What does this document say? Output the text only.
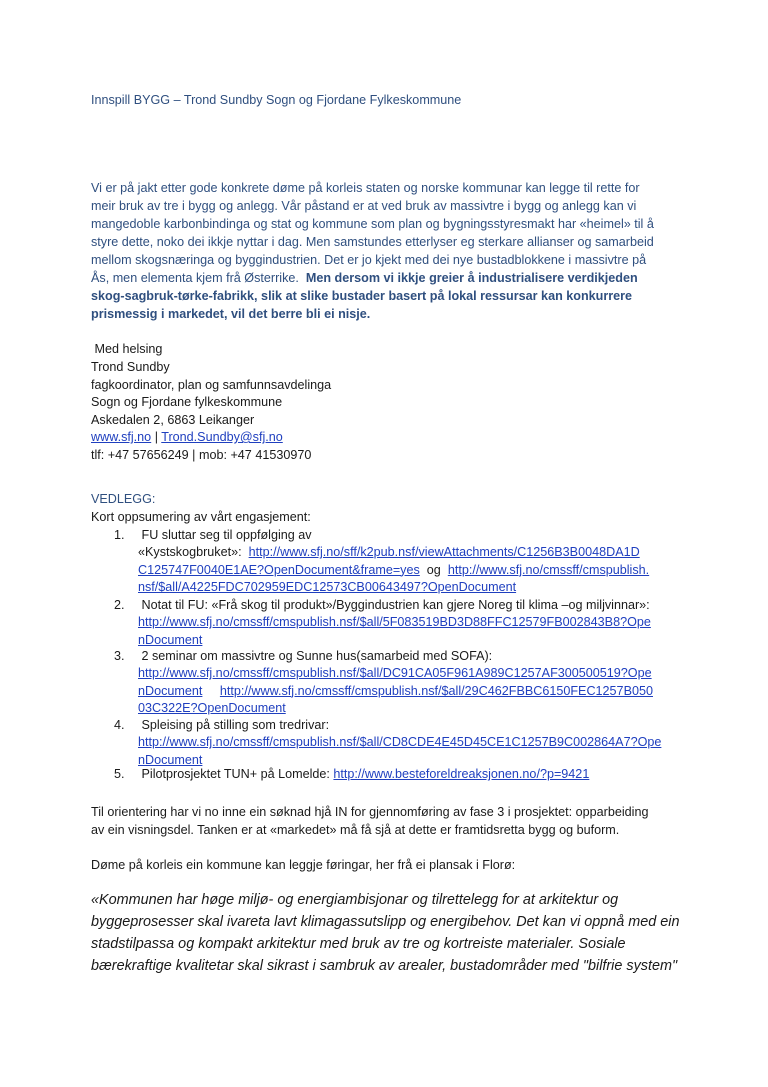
Innspill BYGG – Trond Sundby Sogn og Fjordane Fylkeskommune
Vi er på jakt etter gode konkrete døme på korleis staten og norske kommunar kan legge til rette for
meir bruk av tre i bygg og anlegg. Vår påstand er at ved bruk av massivtre i bygg og anlegg kan vi
mangedoble karbonbindinga og stat og kommune som plan og bygningsstyresmakt har «heimel» til å
styre dette, noko dei ikkje nyttar i dag. Men samstundes etterlyser eg sterkare allianser og samarbeid
mellom skogsnæringa og byggindustrien. Det er jo kjekt med dei nye bustadblokkene i massivtre på
Ås, men elementa kjem frå Østerrike. Men dersom vi ikkje greier å industrialisere verdikjeden
skog-sagbruk-tørke-fabrikk, slik at slike bustader basert på lokal ressursar kan konkurrere
prismessig i markedet, vil det berre bli ei nisje.
Med helsing
Trond Sundby
fagkoordinator, plan og samfunnsavdelinga
Sogn og Fjordane fylkeskommune
Askedalen 2, 6863 Leikanger
www.sfj.no | Trond.Sundby@sfj.no
tlf: +47 57656249 | mob: +47 41530970
VEDLEGG:
Kort oppsumering av vårt engasjement:
1. FU sluttar seg til oppfølging av
«Kystskogbruket»:  http://www.sfj.no/sff/k2pub.nsf/viewAttachments/C1256B3B0048DA1D
C125747F0040E1AE?OpenDocument&frame=yes  og  http://www.sfj.no/cmssff/cmspublish.
nsf/$all/A4225FDC702959EDC12573CB00643497?OpenDocument
2. Notat til FU: «Frå skog til produkt»/Byggindustrien kan gjere Noreg til klima –og miljvinnar»:
http://www.sfj.no/cmssff/cmspublish.nsf/$all/5F083519BD3D88FFC12579FB002843B8?Ope
nDocument
3. 2 seminar om massivtre og Sunne hus(samarbeid med SOFA):
http://www.sfj.no/cmssff/cmspublish.nsf/$all/DC91CA05F961A989C1257AF300500519?Ope
nDocument http://www.sfj.no/cmssff/cmspublish.nsf/$all/29C462FBBC6150FEC1257B050
03C322E?OpenDocument
4. Spleising på stilling som tredrivar:
http://www.sfj.no/cmssff/cmspublish.nsf/$all/CD8CDE4E45D45CE1C1257B9C002864A7?Ope
nDocument
5. Pilotprosjektet TUN+ på Lomelde: http://www.besteforeldreaksjonen.no/?p=9421
Til orientering har vi no inne ein søknad hjå IN for gjennomføring av fase 3 i prosjektet: opparbeiding
av ein visningsdel. Tanken er at «markedet» må få sjå at dette er framtidsretta bygg og buform.
Døme på korleis ein kommune kan leggje føringar, her frå ei plansak i Florø:
«Kommunen har høge miljø- og energiambisjonar og tilrettelegg for at arkitektur og
byggeprosesser skal ivareta lavt klimagassutslipp og energibehov. Det kan vi oppnå med ein
stadstilpassa og kompakt arkitektur med bruk av tre og kortreiste materialer. Sosiale
bærekraftige kvalitetar skal sikrast i sambruk av arealer, bustadområder med "bilfrie system"
